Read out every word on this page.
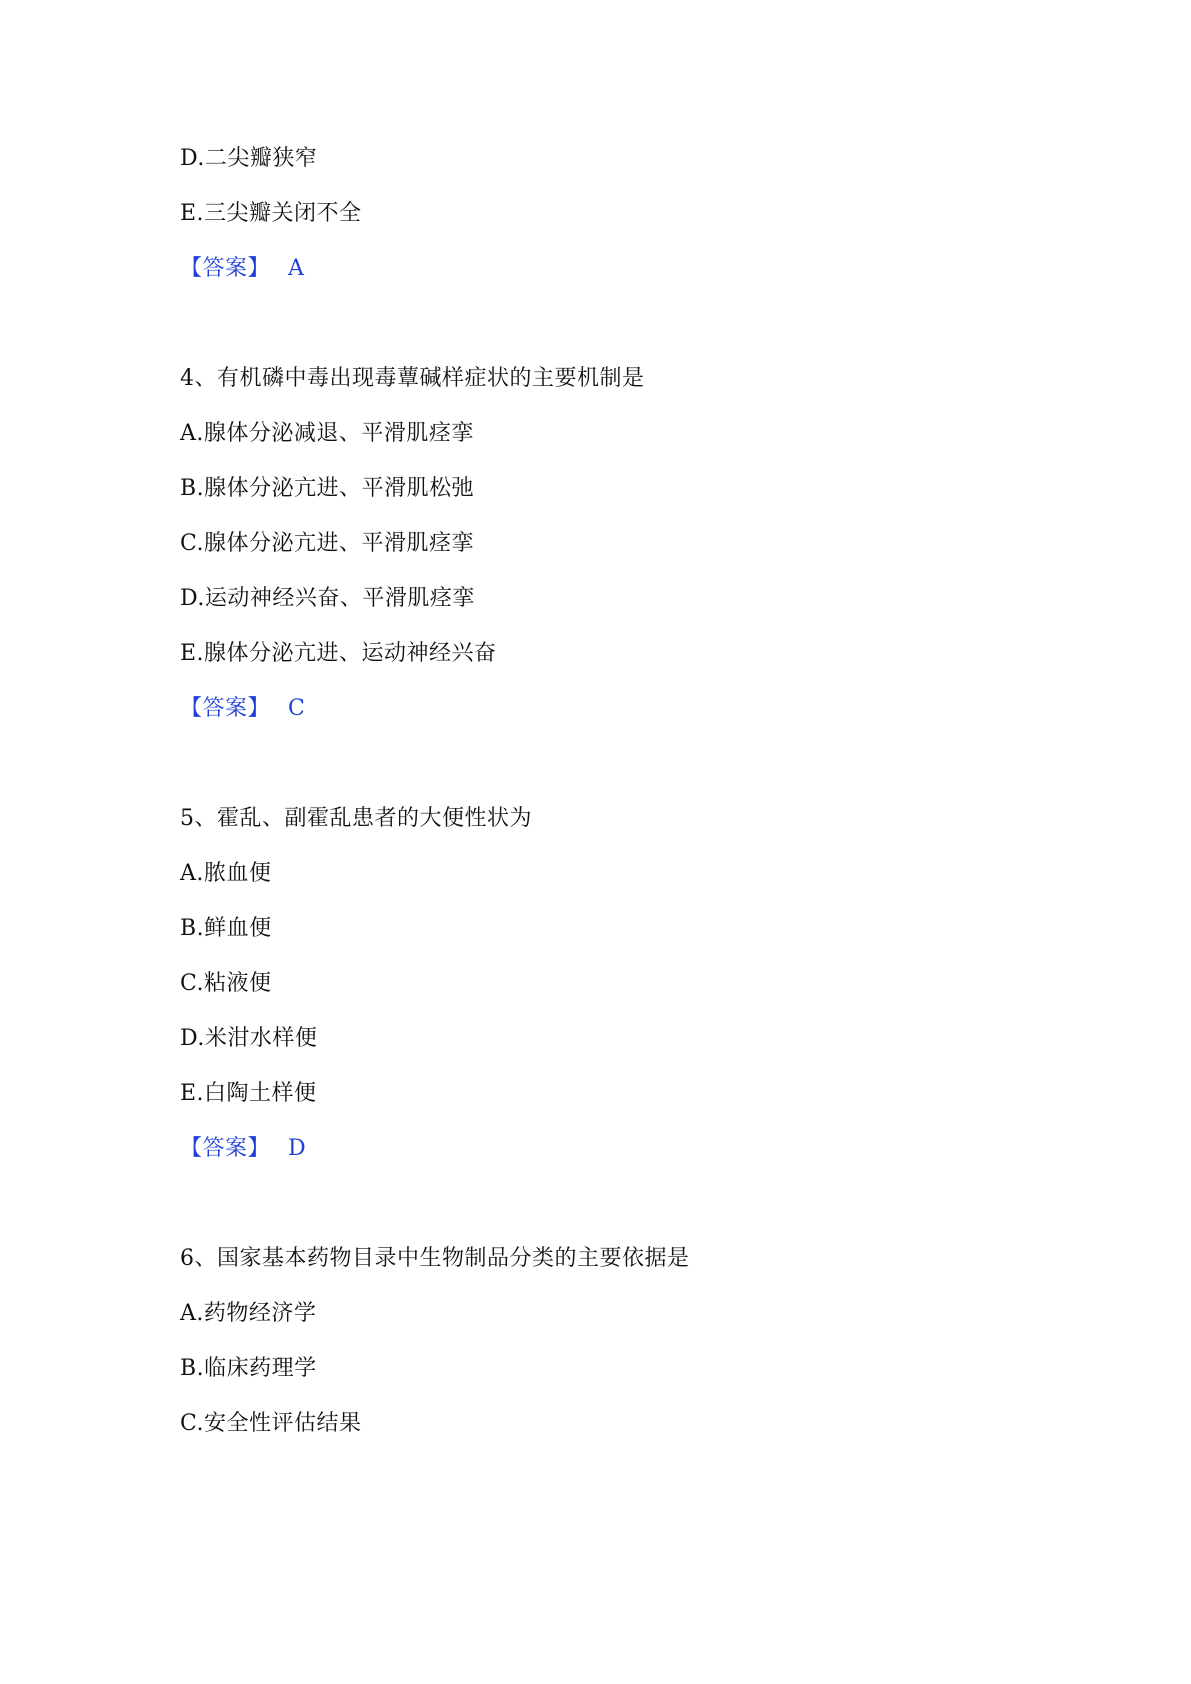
D.二尖瓣狭窄
E.三尖瓣关闭不全
【答案】 A
4、有机磷中毒出现毒蕈碱样症状的主要机制是
A.腺体分泌减退、平滑肌痉挛
B.腺体分泌亢进、平滑肌松弛
C.腺体分泌亢进、平滑肌痉挛
D.运动神经兴奋、平滑肌痉挛
E.腺体分泌亢进、运动神经兴奋
【答案】 C
5、霍乱、副霍乱患者的大便性状为
A.脓血便
B.鲜血便
C.粘液便
D.米泔水样便
E.白陶土样便
【答案】 D
6、国家基本药物目录中生物制品分类的主要依据是
A.药物经济学
B.临床药理学
C.安全性评估结果
